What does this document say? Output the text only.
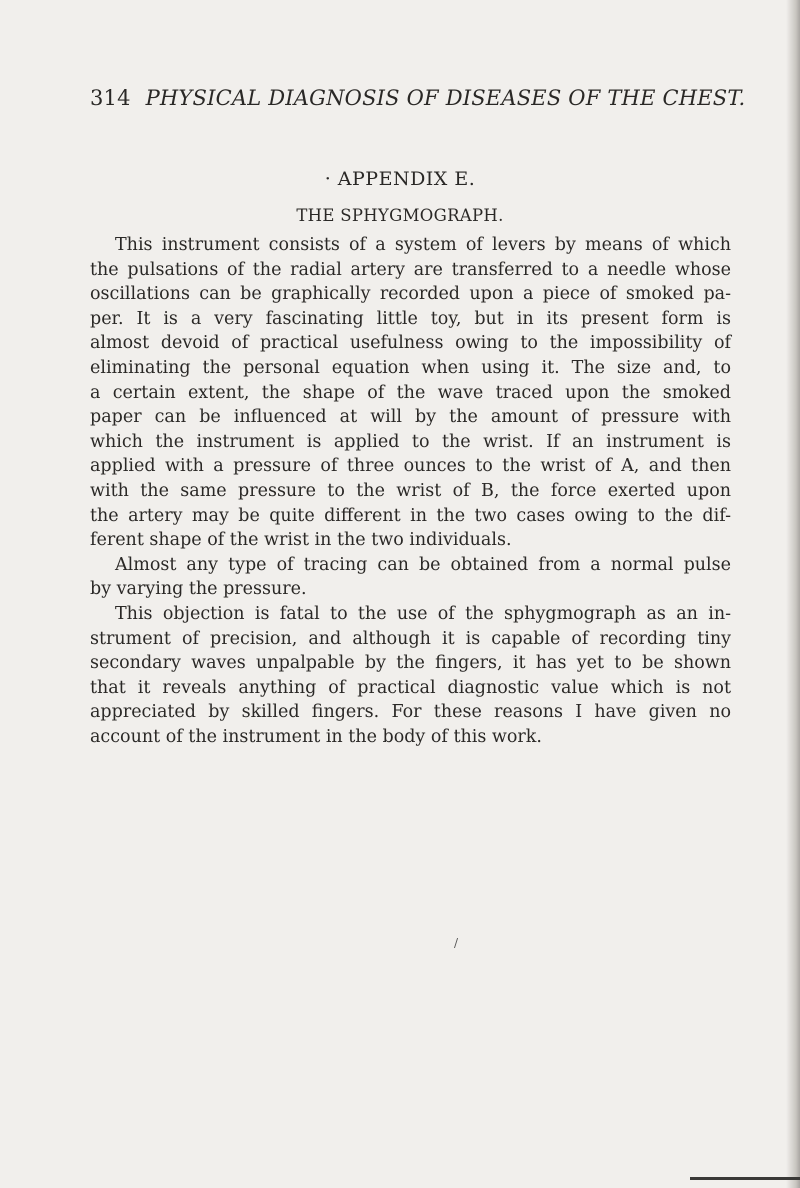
314 PHYSICAL DIAGNOSIS OF DISEASES OF THE CHEST.
· APPENDIX E.
THE SPHYGMOGRAPH.
This instrument consists of a system of levers by means of which
the pulsations of the radial artery are transferred to a needle whose
oscillations can be graphically recorded upon a piece of smoked pa-
per. It is a very fascinating little toy, but in its present form is
almost devoid of practical usefulness owing to the impossibility of
eliminating the personal equation when using it. The size and, to
a certain extent, the shape of the wave traced upon the smoked
paper can be influenced at will by the amount of pressure with
which the instrument is applied to the wrist. If an instrument is
applied with a pressure of three ounces to the wrist of A, and then
with the same pressure to the wrist of B, the force exerted upon
the artery may be quite different in the two cases owing to the dif-
ferent shape of the wrist in the two individuals.
Almost any type of tracing can be obtained from a normal pulse
by varying the pressure.
This objection is fatal to the use of the sphygmograph as an in-
strument of precision, and although it is capable of recording tiny
secondary waves unpalpable by the fingers, it has yet to be shown
that it reveals anything of practical diagnostic value which is not
appreciated by skilled fingers. For these reasons I have given no
account of the instrument in the body of this work.
/
